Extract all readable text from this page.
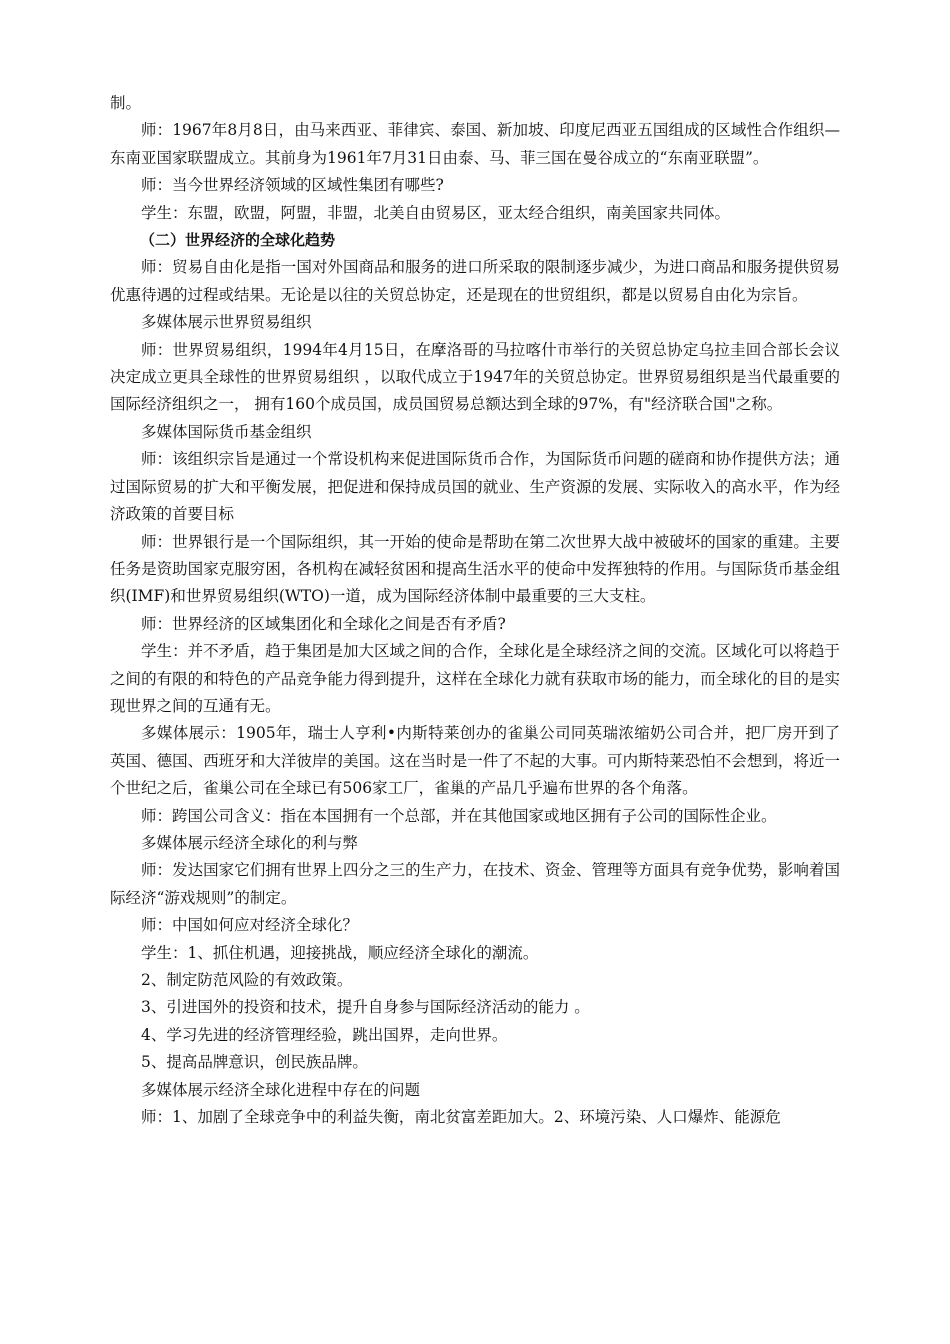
制。

师：1967年8月8日，由马来西亚、菲律宾、泰国、新加坡、印度尼西亚五国组成的区域性合作组织—东南亚国家联盟成立。其前身为1961年7月31日由泰、马、菲三国在曼谷成立的“东南亚联盟”。

师：当今世界经济领域的区域性集团有哪些?

学生：东盟，欧盟，阿盟，非盟，北美自由贸易区，亚太经合组织，南美国家共同体。

（二）世界经济的全球化趋势

师：贸易自由化是指一国对外国商品和服务的进口所采取的限制逐步减少，为进口商品和服务提供贸易优惠待遇的过程或结果。无论是以往的关贸总协定，还是现在的世贸组织，都是以贸易自由化为宗旨。

多媒体展示世界贸易组织

师：世界贸易组织，1994年4月15日，在摩洛哥的马拉喀什市举行的关贸总协定乌拉圭回合部长会议决定成立更具全球性的世界贸易组织 ，以取代成立于1947年的关贸总协定。世界贸易组织是当代最重要的国际经济组织之一， 拥有160个成员国，成员国贸易总额达到全球的97%，有"经济联合国"之称。

多媒体国际货币基金组织

师：该组织宗旨是通过一个常设机构来促进国际货币合作，为国际货币问题的磋商和协作提供方法；通过国际贸易的扩大和平衡发展，把促进和保持成员国的就业、生产资源的发展、实际收入的高水平，作为经济政策的首要目标

师：世界银行是一个国际组织，其一开始的使命是帮助在第二次世界大战中被破坏的国家的重建。主要任务是资助国家克服穷困，各机构在减轻贫困和提高生活水平的使命中发挥独特的作用。与国际货币基金组织(IMF)和世界贸易组织(WTO)一道，成为国际经济体制中最重要的三大支柱。

师：世界经济的区域集团化和全球化之间是否有矛盾?

学生：并不矛盾，趋于集团是加大区域之间的合作，全球化是全球经济之间的交流。区域化可以将趋于之间的有限的和特色的产品竞争能力得到提升，这样在全球化力就有获取市场的能力，而全球化的目的是实现世界之间的互通有无。

多媒体展示：1905年，瑞士人亨利•内斯特莱创办的雀巢公司同英瑞浓缩奶公司合并，把厂房开到了英国、德国、西班牙和大洋彼岸的美国。这在当时是一件了不起的大事。可内斯特莱恐怕不会想到，将近一个世纪之后，雀巢公司在全球已有506家工厂，雀巢的产品几乎遍布世界的各个角落。

师：跨国公司含义：指在本国拥有一个总部，并在其他国家或地区拥有子公司的国际性企业。

多媒体展示经济全球化的利与弊

师：发达国家它们拥有世界上四分之三的生产力，在技术、资金、管理等方面具有竞争优势，影响着国际经济“游戏规则”的制定。

师：中国如何应对经济全球化？

学生：1、抓住机遇，迎接挑战，顺应经济全球化的潮流。

2、制定防范风险的有效政策。

3、引进国外的投资和技术，提升自身参与国际经济活动的能力 。

4、学习先进的经济管理经验，跳出国界，走向世界。

5、提高品牌意识，创民族品牌。

多媒体展示经济全球化进程中存在的问题

师：1、加剧了全球竞争中的利益失衡，南北贫富差距加大。2、环境污染、人口爆炸、能源危
